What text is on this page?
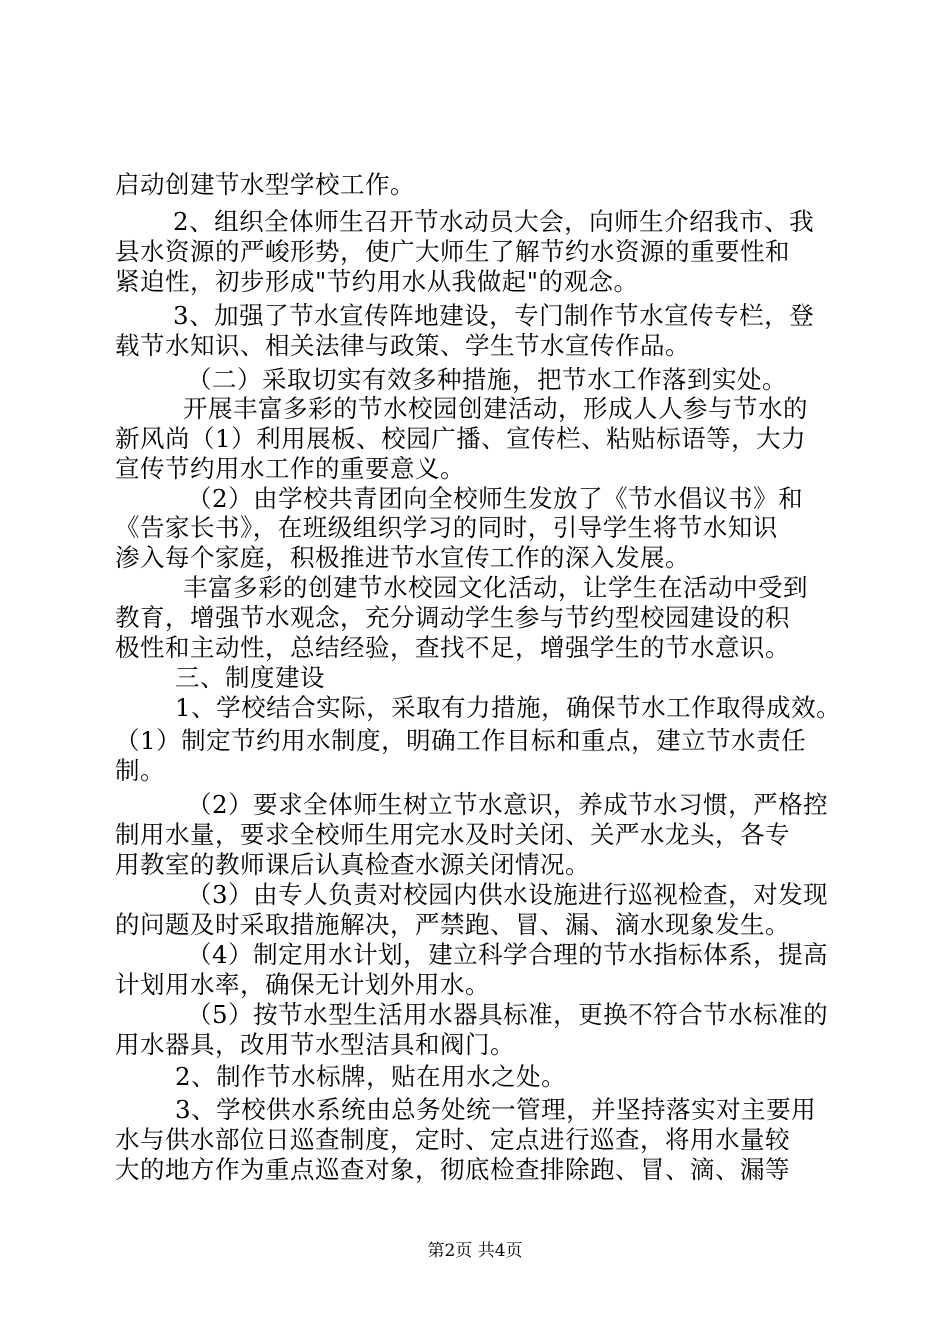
启动创建节水型学校工作。
2、组织全体师生召开节水动员大会，向师生介绍我市、我
县水资源的严峻形势，使广大师生了解节约水资源的重要性和
紧迫性，初步形成"节约用水从我做起"的观念。
3、加强了节水宣传阵地建设，专门制作节水宣传专栏，登
载节水知识、相关法律与政策、学生节水宣传作品。
（二）采取切实有效多种措施，把节水工作落到实处。
开展丰富多彩的节水校园创建活动，形成人人参与节水的
新风尚（1）利用展板、校园广播、宣传栏、粘贴标语等，大力
宣传节约用水工作的重要意义。
（2）由学校共青团向全校师生发放了《节水倡议书》和
《告家长书》，在班级组织学习的同时，引导学生将节水知识
渗入每个家庭，积极推进节水宣传工作的深入发展。
丰富多彩的创建节水校园文化活动，让学生在活动中受到
教育，增强节水观念，充分调动学生参与节约型校园建设的积
极性和主动性，总结经验，查找不足，增强学生的节水意识。
三、制度建设
1、学校结合实际，采取有力措施，确保节水工作取得成效。
（1）制定节约用水制度，明确工作目标和重点，建立节水责任
制。
（2）要求全体师生树立节水意识，养成节水习惯，严格控
制用水量，要求全校师生用完水及时关闭、关严水龙头，各专
用教室的教师课后认真检查水源关闭情况。
（3）由专人负责对校园内供水设施进行巡视检查，对发现
的问题及时采取措施解决，严禁跑、冒、漏、滴水现象发生。
（4）制定用水计划，建立科学合理的节水指标体系，提高
计划用水率，确保无计划外用水。
（5）按节水型生活用水器具标准，更换不符合节水标准的
用水器具，改用节水型洁具和阀门。
2、制作节水标牌，贴在用水之处。
3、学校供水系统由总务处统一管理，并坚持落实对主要用
水与供水部位日巡查制度，定时、定点进行巡查，将用水量较
大的地方作为重点巡查对象，彻底检查排除跑、冒、滴、漏等
第2页 共4页
